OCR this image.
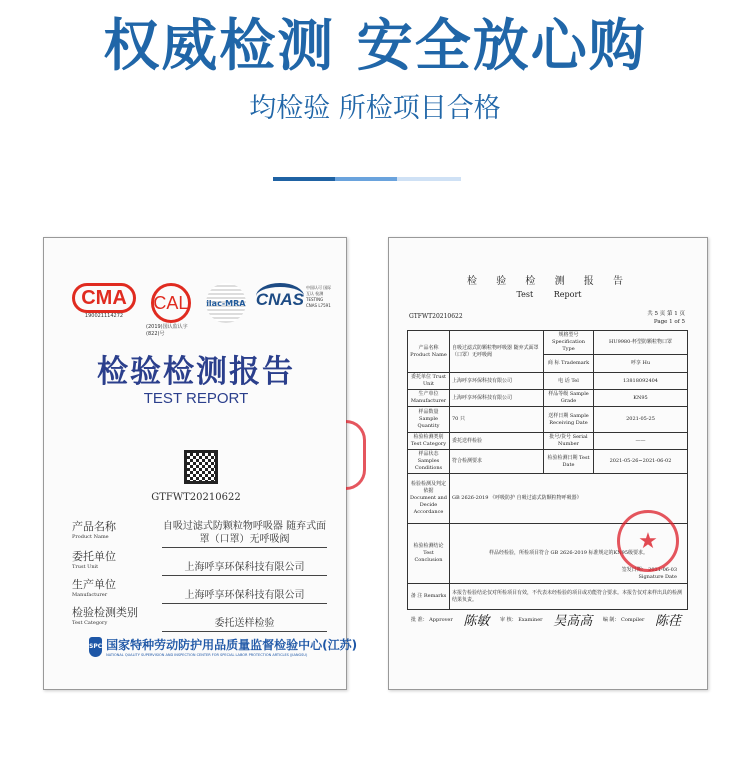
权威检测 安全放心购
均检验 所检项目合格
CMA
190021114272
CAL
(2019)国认监认字(822)号
ilac-MRA CNAS
中国认可 国际互认 检测 TESTING CNAS L7591
检验检测报告
TEST REPORT
GTFWT20210622
产品名称
Product Name
自吸过滤式防颗粒物呼吸器 随弃式面罩（口罩）无呼吸阀
委托单位
Trust Unit	上海呼享环保科技有限公司
生产单位
Manufacturer	上海呼享环保科技有限公司
检验检测类别
Test Category	委托送样检验
SPC 国家特种劳动防护用品质量监督检验中心(江苏)
NATIONAL QUALITY SUPERVISION AND INSPECTION CENTER FOR SPECIAL LABOR PROTECTION ARTICLES (JIANGSU)
检 验 检 测 报 告
Test Report
GTFWT20210622	共 5 页 第 1 页
Page 1 of 5
产品名称 Product Name	自吸过滤式防颗粒物呼吸器 随弃式面罩（口罩）无呼吸阀	规格型号 Specification Type	HU9980-杯型防颗粒物口罩
		商 标 Trademark	呼享 Hu
委托单位 Trust Unit	上海呼享环保科技有限公司	电 话 Tel	13818092404
生产单位 Manufacturer	上海呼享环保科技有限公司	样品等级 Sample Grade	KN95
样品数量 Sample Quantity	70 只	送样日期 Sample Receiving Date	2021-05-25
检验检测类别 Test Category	委托送样检验	批号/货号 Serial Number	——
样品状态 Samples Conditions	符合检测要求	检验检测日期 Test Date	2021-05-26~2021-06-02
检验检测及判定依据 Document and Decide Accordance	GB 2626-2019 《呼吸防护 自吸过滤式防颗粒物呼吸器》		
检验检测结论 Test Conclusion	样品经检验，所检项目符合 GB 2626-2019 标准规定的KN95级要求。
签发日期： 2021-06-03
Signature Date		

备 注 Remarks	本报告检验结论仅对所检项目有效，不代表未经检验的项目或功能符合要求。本报告仅对来样出具的检测结果负责。		
★
批 准： Approver 陈敏 审 核： Examiner 吴高高 编 制： Compiler 陈荏
